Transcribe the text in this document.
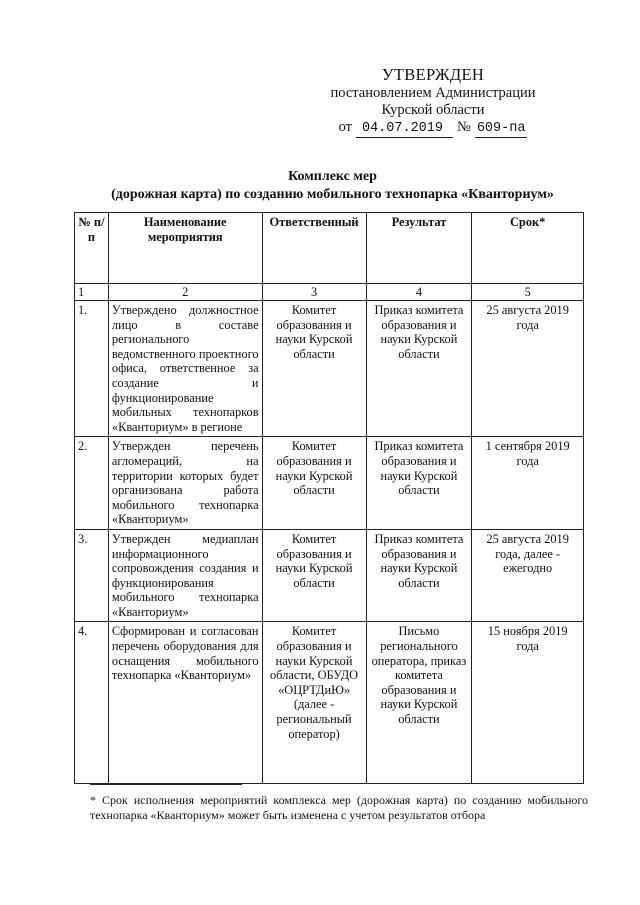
УТВЕРЖДЕН
постановлением Администрации
Курской области
от 04.07.2019 № 609-па
Комплекс мер
(дорожная карта) по созданию мобильного технопарка «Кванториум»
№ п/п	Наименование мероприятия	Ответственный	Результат	Срок*
1	2	3	4	5
1.	Утверждено должностное лицо в составе регионального ведомственного проектного офиса, ответственное за создание и функционирование мобильных технопарков «Кванториум» в регионе	Комитет образования и науки Курской области	Приказ комитета образования и науки Курской области	25 августа 2019 года
2.	Утвержден перечень агломераций, на территории которых будет организована работа мобильного технопарка «Кванториум»	Комитет образования и науки Курской области	Приказ комитета образования и науки Курской области	1 сентября 2019 года
3.	Утвержден медиаплан информационного сопровождения создания и функционирования мобильного технопарка «Кванториум»	Комитет образования и науки Курской области	Приказ комитета образования и науки Курской области	25 августа 2019 года, далее - ежегодно
4.	Сформирован и согласован перечень оборудования для оснащения мобильного технопарка «Кванториум»	Комитет образования и науки Курской области, ОБУДО «ОЦРТДиЮ» (далее - региональный оператор)	Письмо регионального оператора, приказ комитета образования и науки Курской области	15 ноября 2019 года
* Срок исполнения мероприятий комплекса мер (дорожная карта) по созданию мобильного технопарка «Кванториум» может быть изменена с учетом результатов отбора
